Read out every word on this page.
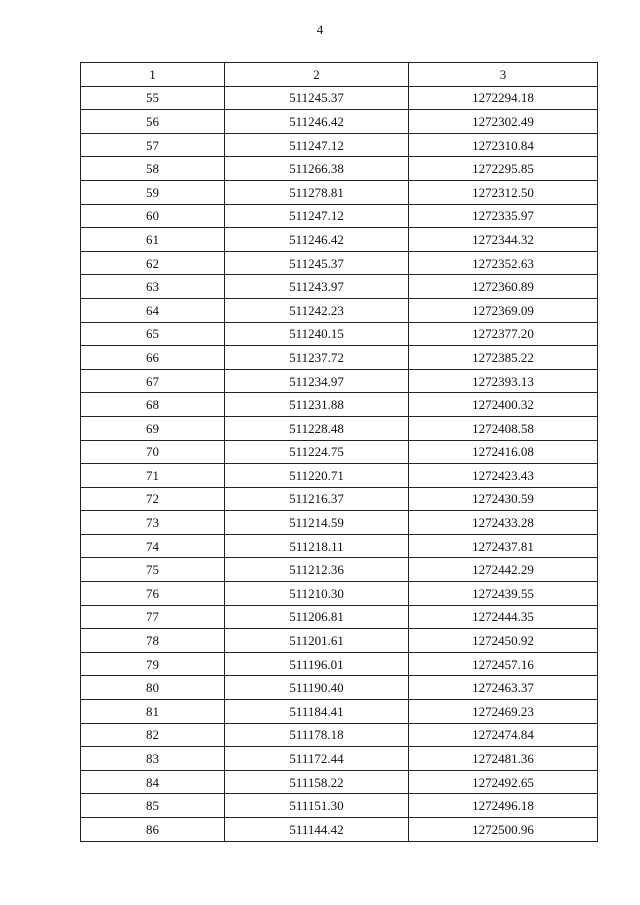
4
1	2	3
55	511245.37	1272294.18
56	511246.42	1272302.49
57	511247.12	1272310.84
58	511266.38	1272295.85
59	511278.81	1272312.50
60	511247.12	1272335.97
61	511246.42	1272344.32
62	511245.37	1272352.63
63	511243.97	1272360.89
64	511242.23	1272369.09
65	511240.15	1272377.20
66	511237.72	1272385.22
67	511234.97	1272393.13
68	511231.88	1272400.32
69	511228.48	1272408.58
70	511224.75	1272416.08
71	511220.71	1272423.43
72	511216.37	1272430.59
73	511214.59	1272433.28
74	511218.11	1272437.81
75	511212.36	1272442.29
76	511210.30	1272439.55
77	511206.81	1272444.35
78	511201.61	1272450.92
79	511196.01	1272457.16
80	511190.40	1272463.37
81	511184.41	1272469.23
82	511178.18	1272474.84
83	511172.44	1272481.36
84	511158.22	1272492.65
85	511151.30	1272496.18
86	511144.42	1272500.96
